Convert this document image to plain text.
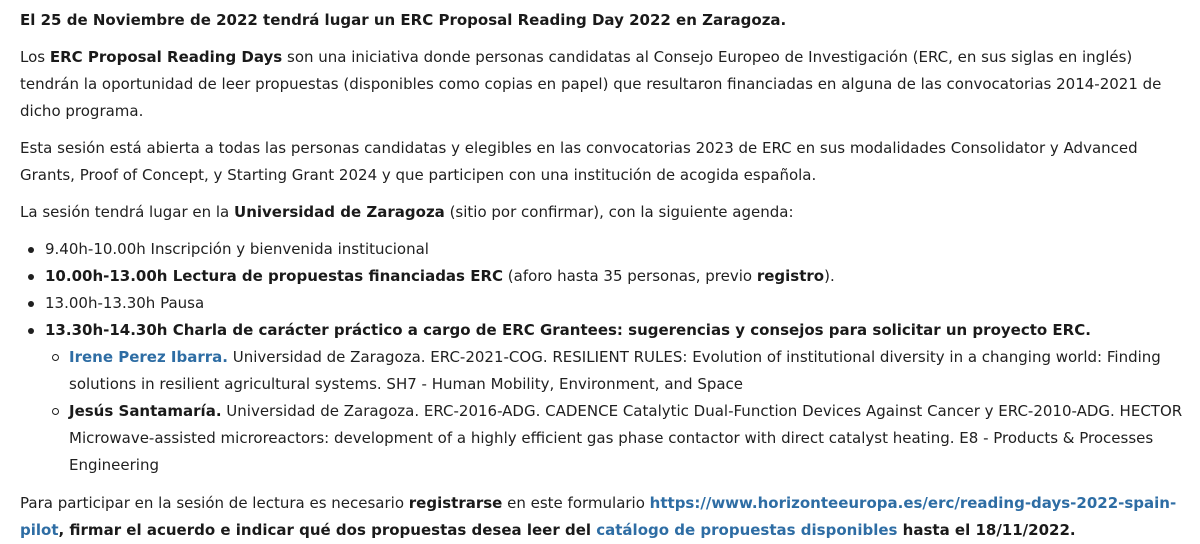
El 25 de Noviembre de 2022 tendrá lugar un ERC Proposal Reading Day 2022 en Zaragoza.

Los ERC Proposal Reading Days son una iniciativa donde personas candidatas al Consejo Europeo de Investigación (ERC, en sus siglas en inglés) tendrán la oportunidad de leer propuestas (disponibles como copias en papel) que resultaron financiadas en alguna de las convocatorias 2014-2021 de dicho programa.

Esta sesión está abierta a todas las personas candidatas y elegibles en las convocatorias 2023 de ERC en sus modalidades Consolidator y Advanced Grants, Proof of Concept, y Starting Grant 2024 y que participen con una institución de acogida española.

La sesión tendrá lugar en la Universidad de Zaragoza (sitio por confirmar), con la siguiente agenda:

9.40h-10.00h Inscripción y bienvenida institucional
10.00h-13.00h Lectura de propuestas financiadas ERC (aforo hasta 35 personas, previo registro).
13.00h-13.30h Pausa
13.30h-14.30h Charla de carácter práctico a cargo de ERC Grantees: sugerencias y consejos para solicitar un proyecto ERC.
Irene Perez Ibarra. Universidad de Zaragoza. ERC-2021-COG. RESILIENT RULES: Evolution of institutional diversity in a changing world: Finding solutions in resilient agricultural systems. SH7 - Human Mobility, Environment, and Space
Jesús Santamaría. Universidad de Zaragoza. ERC-2016-ADG. CADENCE Catalytic Dual-Function Devices Against Cancer y ERC-2010-ADG. HECTOR Microwave-assisted microreactors: development of a highly efficient gas phase contactor with direct catalyst heating. E8 - Products & Processes Engineering

Para participar en la sesión de lectura es necesario registrarse en este formulario https://www.horizonteeuropa.es/erc/reading-days-2022-spain-pilot, firmar el acuerdo e indicar qué dos propuestas desea leer del catálogo de propuestas disponibles hasta el 18/11/2022.
